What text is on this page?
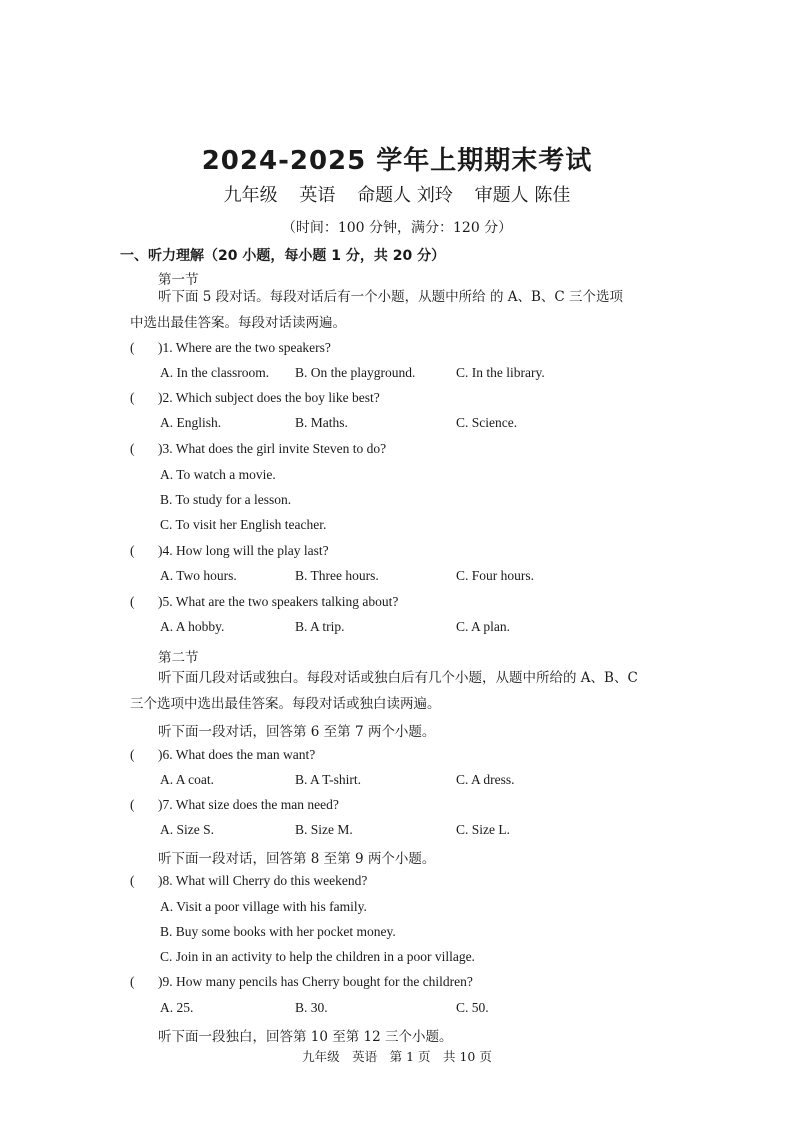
2024-2025 学年上期期末考试
九年级 英语 命题人 刘玲 审题人 陈佳
（时间：100 分钟，满分：120 分）
一、听力理解（20 小题，每小题 1 分，共 20 分）
第一节
听下面 5 段对话。每段对话后有一个小题，从题中所给 的 A、B、C 三个选项中选出最佳答案。每段对话读两遍。
( )1. Where are the two speakers?
A. In the classroom. B. On the playground.	C. In the library.
( )2. Which subject does the boy like best?
A. English.	B. Maths.	C. Science.
( )3. What does the girl invite Steven to do?
A. To watch a movie.
B. To study for a lesson.
C. To visit her English teacher.
( )4. How long will the play last?
A. Two hours.	B. Three hours.	C. Four hours.
( )5. What are the two speakers talking about?
A. A hobby.	B. A trip.	C. A plan.
第二节
听下面几段对话或独白。每段对话或独白后有几个小题，从题中所给的 A、B、C 三个选项中选出最佳答案。每段对话或独白读两遍。
听下面一段对话，回答第 6 至第 7 两个小题。
( )6. What does the man want?
A. A coat.	B. A T-shirt.	C. A dress.
( )7. What size does the man need?
A. Size S.	B. Size M.	C. Size L.
听下面一段对话，回答第 8 至第 9 两个小题。
( )8. What will Cherry do this weekend?
A. Visit a poor village with his family.
B. Buy some books with her pocket money.
C. Join in an activity to help the children in a poor village.
( )9. How many pencils has Cherry bought for the children?
A. 25.	B. 30.	C. 50.
听下面一段独白，回答第 10 至第 12 三个小题。
九年级　英语　第 1 页　共 10 页
